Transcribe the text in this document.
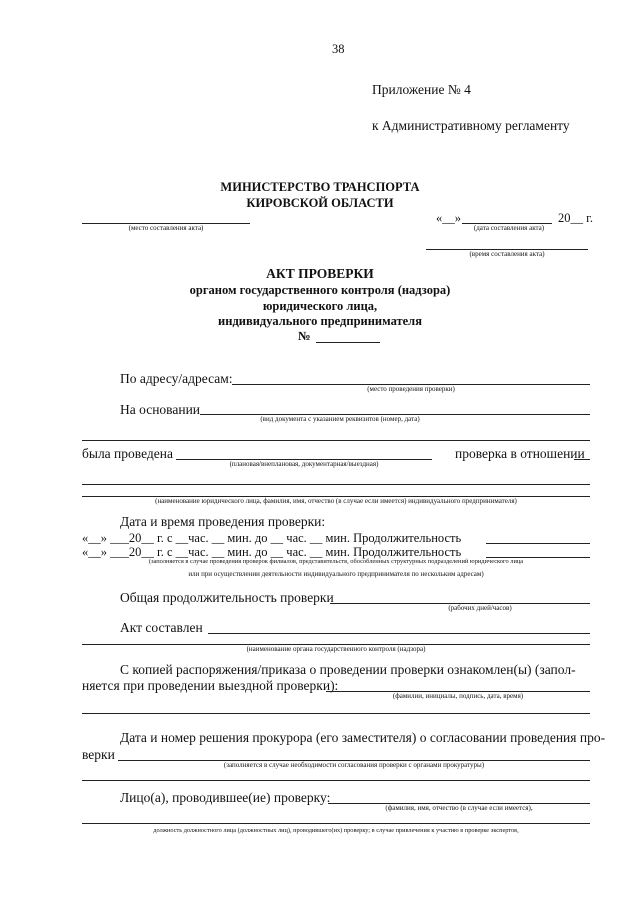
38
Приложение № 4
к Административному регламенту
МИНИСТЕРСТВО ТРАНСПОРТА
КИРОВСКОЙ ОБЛАСТИ
(место составления акта)
«__»	20__ г.
(дата составления акта)
(время составления акта)
АКТ ПРОВЕРКИ
органом государственного контроля (надзора)
юридического лица,
индивидуального предпринимателя
№
По адресу/адресам:
(место проведения проверки)
На основании
(вид документа с указанием реквизитов (номер, дата)
была проведена
(плановая/внеплановая, документарная/выездная)
проверка в отношении
(наименование юридического лица, фамилия, имя, отчество (в случае если имеется) индивидуального предпринимателя)
Дата и время проведения проверки:
«__» ___20__ г. с __час. __ мин. до __ час. __ мин. Продолжительность
«__» ___20__ г. с __час. __ мин. до __ час. __ мин. Продолжительность
(заполняется в случае проведения проверок филиалов, представительств, обособленных структурных подразделений юридического лица
или при осуществлении деятельности индивидуального предпринимателя по нескольким адресам)
Общая продолжительность проверки
(рабочих дней/часов)
Акт составлен
(наименование органа государственного контроля (надзора)
С копией распоряжения/приказа о проведении проверки ознакомлен(ы) (запол-
няется при проведении выездной проверки):
(фамилии, инициалы, подпись, дата, время)
Дата и номер решения прокурора (его заместителя) о согласовании проведения про-
верки
(заполняется в случае необходимости согласования проверки с органами прокуратуры)
Лицо(а), проводившее(ие) проверку:
(фамилия, имя, отчество (в случае если имеется),
должность должностного лица (должностных лиц), проводившего(их) проверку; в случае привлечения к участию в проверке экспертов,
